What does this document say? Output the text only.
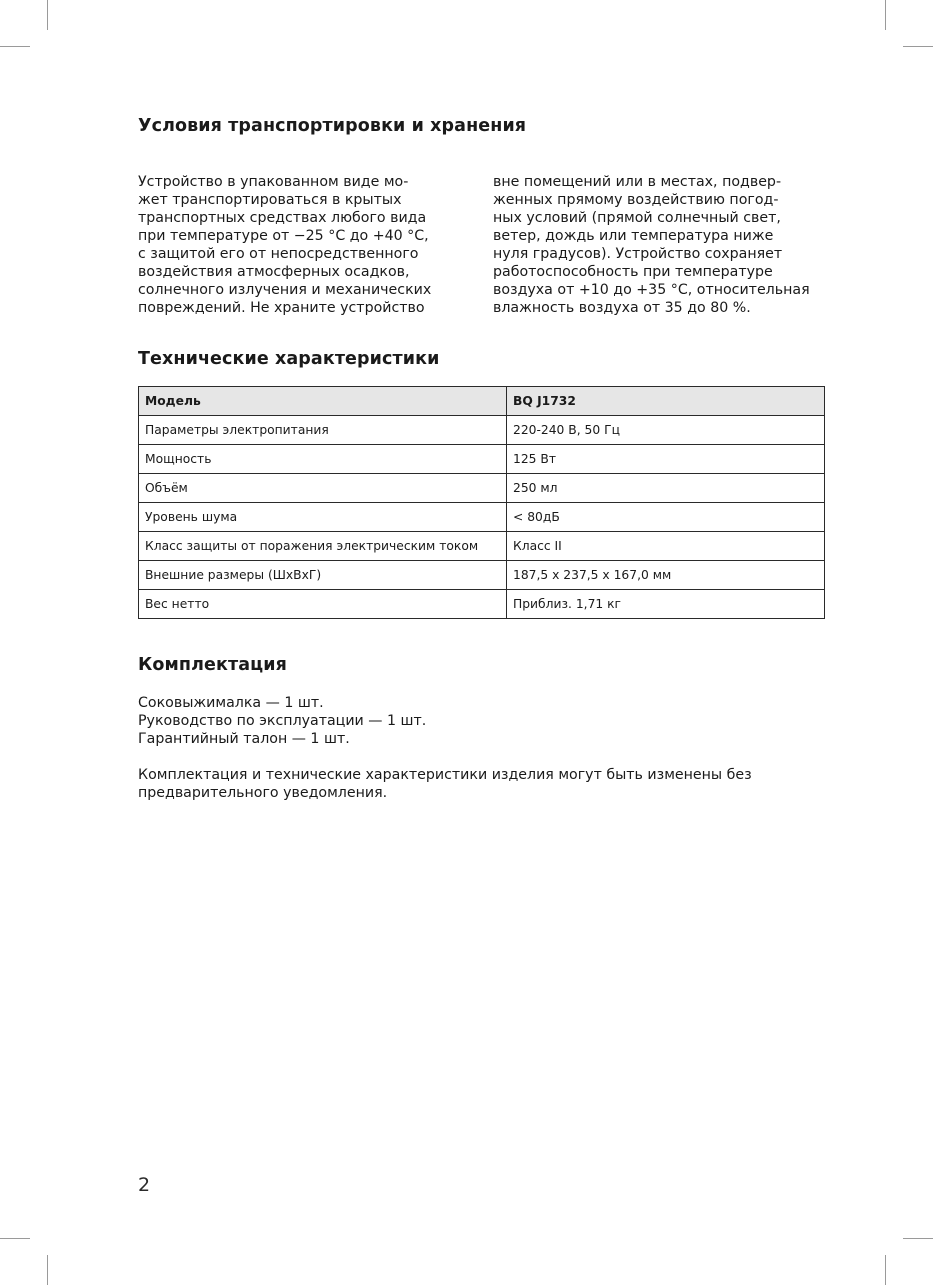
Условия транспортировки и хранения
Устройство в упакованном виде мо-
жет транспортироваться в крытых
транспортных средствах любого вида
при температуре от −25 °C до +40 °C,
с защитой его от непосредственного
воздействия атмосферных осадков,
солнечного излучения и механических
повреждений. Не храните устройство
вне помещений или в местах, подвер-
женных прямому воздействию погод-
ных условий (прямой солнечный свет,
ветер, дождь или температура ниже
нуля градусов). Устройство сохраняет
работоспособность при температуре
воздуха от +10 до +35 °C, относительная
влажность воздуха от 35 до 80 %.
Технические характеристики
Модель	BQ J1732
Параметры электропитания	220-240 В, 50 Гц
Мощность	125 Вт
Объём	250 мл
Уровень шума	< 80дБ
Класс защиты от поражения электрическим током	Класс II
Внешние размеры (ШхВхГ)	187,5 x 237,5 x 167,0 мм
Вес нетто	Приблиз. 1,71 кг
Комплектация
Соковыжималка — 1 шт.
Руководство по эксплуатации — 1 шт.
Гарантийный талон — 1 шт.
Комплектация и технические характеристики изделия могут быть изменены без предварительного уведомления.
2
